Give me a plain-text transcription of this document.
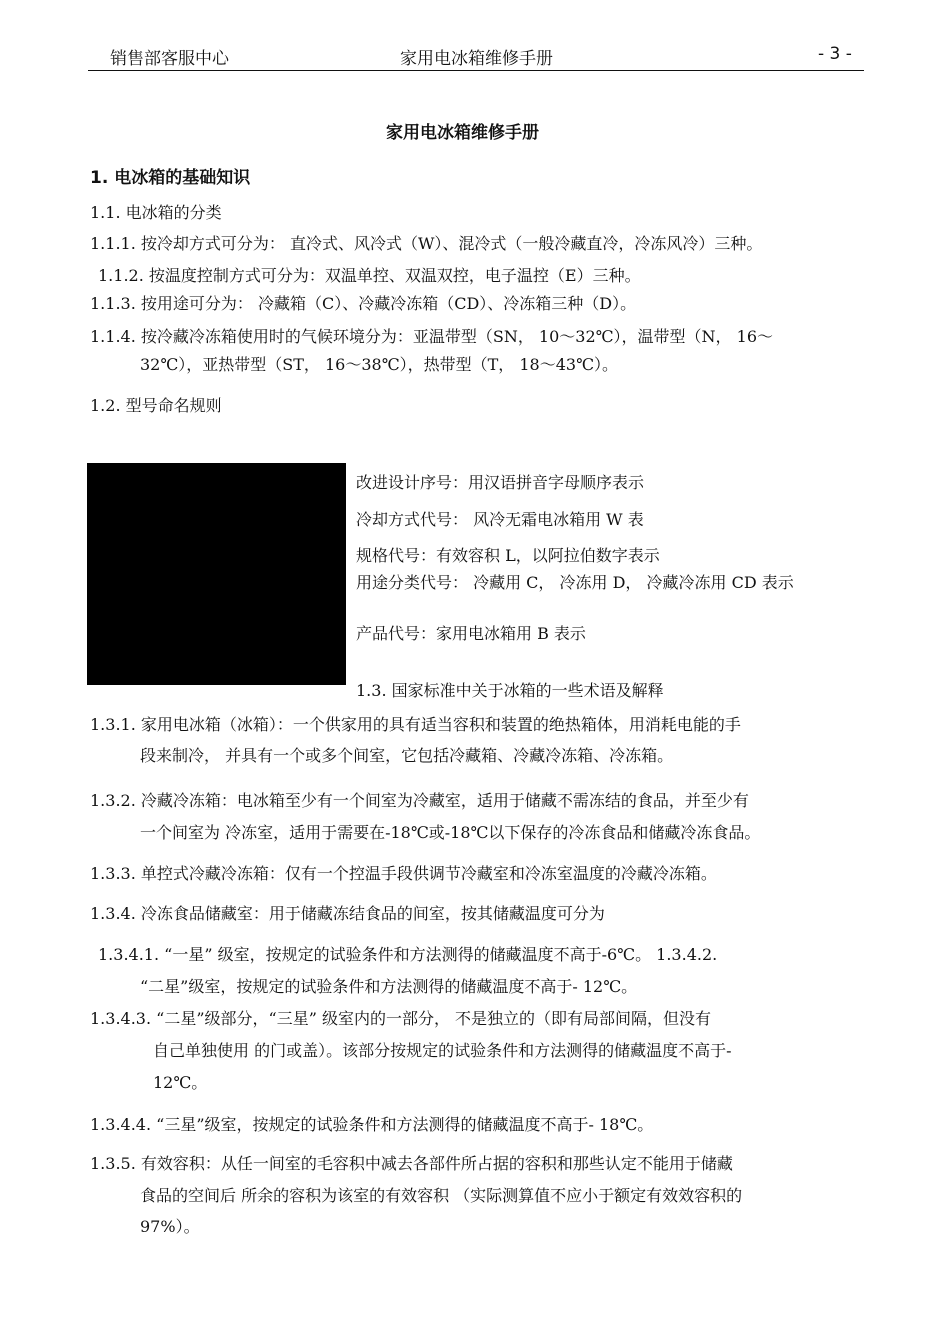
销售部客服中心	家用电冰箱维修手册	- 3 -
家用电冰箱维修手册
1. 电冰箱的基础知识
1.1. 电冰箱的分类
1.1.1. 按冷却方式可分为： 直冷式、风冷式（W）、混冷式（一般冷藏直冷，冷冻风冷）三种。
1.1.2. 按温度控制方式可分为：双温单控、双温双控，电子温控（E）三种。
1.1.3. 按用途可分为： 冷藏箱（C）、冷藏冷冻箱（CD）、冷冻箱三种（D）。
1.1.4. 按冷藏冷冻箱使用时的气候环境分为：亚温带型（SN， 10～32℃），温带型（N， 16～
32℃），亚热带型（ST， 16～38℃），热带型（T， 18～43℃）。
1.2. 型号命名规则
改进设计序号：用汉语拼音字母顺序表示
冷却方式代号： 风冷无霜电冰箱用 W 表
规格代号：有效容积 L，以阿拉伯数字表示
用途分类代号： 冷藏用 C， 冷冻用 D， 冷藏冷冻用 CD 表示
产品代号：家用电冰箱用 B 表示
1.3. 国家标准中关于冰箱的一些术语及解释
1.3.1. 家用电冰箱（冰箱）：一个供家用的具有适当容积和装置的绝热箱体，用消耗电能的手
段来制冷， 并具有一个或多个间室，它包括冷藏箱、冷藏冷冻箱、冷冻箱。
1.3.2. 冷藏冷冻箱：电冰箱至少有一个间室为冷藏室，适用于储藏不需冻结的食品，并至少有
一个间室为 冷冻室，适用于需要在-18℃或-18℃以下保存的冷冻食品和储藏冷冻食品。
1.3.3. 单控式冷藏冷冻箱：仅有一个控温手段供调节冷藏室和冷冻室温度的冷藏冷冻箱。
1.3.4. 冷冻食品储藏室：用于储藏冻结食品的间室，按其储藏温度可分为
1.3.4.1. “一星” 级室，按规定的试验条件和方法测得的储藏温度不高于-6℃。 1.3.4.2.
“二星”级室，按规定的试验条件和方法测得的储藏温度不高于- 12℃。
1.3.4.3. “二星”级部分，“三星” 级室内的一部分， 不是独立的（即有局部间隔，但没有
自己单独使用 的门或盖）。该部分按规定的试验条件和方法测得的储藏温度不高于-
12℃。
1.3.4.4. “三星”级室，按规定的试验条件和方法测得的储藏温度不高于- 18℃。
1.3.5. 有效容积：从任一间室的毛容积中减去各部件所占据的容积和那些认定不能用于储藏
食品的空间后 所余的容积为该室的有效容积 （实际测算值不应小于额定有效效容积的
97%）。
